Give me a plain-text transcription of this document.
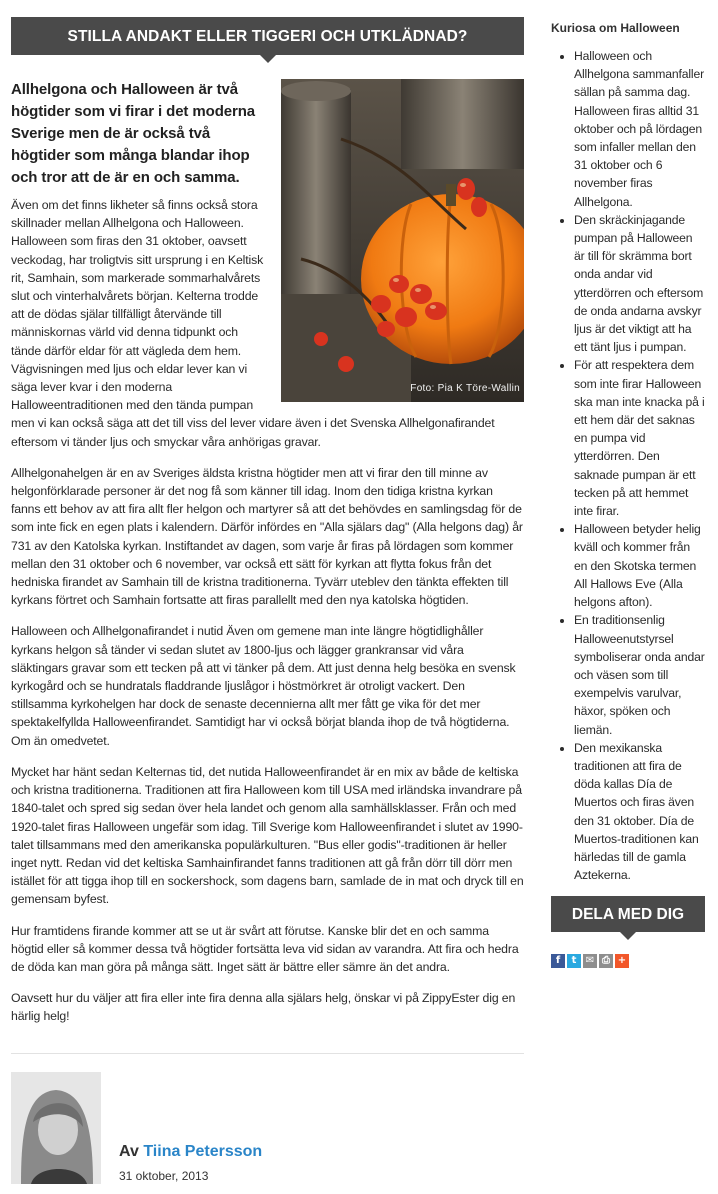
STILLA ANDAKT ELLER TIGGERI OCH UTKLÄDNAD?
Foto: Pia K Töre-Wallin
Allhelgona och Halloween är två högtider som vi firar i det moderna Sverige men de är också två högtider som många blandar ihop och tror att de är en och samma.

Även om det finns likheter så finns också stora skillnader mellan Allhelgona och Halloween. Halloween som firas den 31 oktober, oavsett veckodag, har troligtvis sitt ursprung i en Keltisk rit, Samhain, som markerade sommarhalvårets slut och vinterhalvårets början. Kelterna trodde att de dödas själar tillfälligt återvände till människornas värld vid denna tidpunkt och tände därför eldar för att vägleda dem hem. Vägvisningen med ljus och eldar lever kan vi säga lever kvar i den moderna Halloweentraditionen med den tända pumpan men vi kan också säga att det till viss del lever vidare även i det Svenska Allhelgonafirandet eftersom vi tänder ljus och smyckar våra anhörigas gravar.

Allhelgonahelgen är en av Sveriges äldsta kristna högtider men att vi firar den till minne av helgonförklarade personer är det nog få som känner till idag. Inom den tidiga kristna kyrkan fanns ett behov av att fira allt fler helgon och martyrer så att det behövdes en samlingsdag för de som inte fick en egen plats i kalendern. Därför infördes en "Alla själars dag" (Alla helgons dag) år 731 av den Katolska kyrkan. Instiftandet av dagen, som varje år firas på lördagen som kommer mellan den 31 oktober och 6 november, var också ett sätt för kyrkan att flytta fokus från det hedniska firandet av Samhain till de kristna traditionerna. Tyvärr uteblev den tänkta effekten till kyrkans förtret och Samhain fortsatte att firas parallellt med den nya katolska högtiden.

Halloween och Allhelgonafirandet i nutid Även om gemene man inte längre högtidlighåller kyrkans helgon så tänder vi sedan slutet av 1800-ljus och lägger grankransar vid våra släktingars gravar som ett tecken på att vi tänker på dem. Att just denna helg besöka en svensk kyrkogård och se hundratals fladdrande ljuslågor i höstmörkret är otroligt vackert. Den stillsamma kyrkohelgen har dock de senaste decennierna allt mer fått ge vika för det mer spektakelfyllda Halloweenfirandet. Samtidigt har vi också börjat blanda ihop de två högtiderna. Om än omedvetet.

Mycket har hänt sedan Kelternas tid, det nutida Halloweenfirandet är en mix av både de keltiska och kristna traditionerna. Traditionen att fira Halloween kom till USA med irländska invandrare på 1840-talet och spred sig sedan över hela landet och genom alla samhällsklasser. Från och med 1920-talet firas Halloween ungefär som idag. Till Sverige kom Halloweenfirandet i slutet av 1990-talet tillsammans med den amerikanska populärkulturen. "Bus eller godis"-traditionen är heller inget nytt. Redan vid det keltiska Samhainfirandet fanns traditionen att gå från dörr till dörr men istället för att tigga ihop till en sockershock, som dagens barn, samlade de in mat och dryck till en gemensam byfest.

Hur framtidens firande kommer att se ut är svårt att förutse. Kanske blir det en och samma högtid eller så kommer dessa två högtider fortsätta leva vid sidan av varandra. Att fira och hedra de döda kan man göra på många sätt. Inget sätt är bättre eller sämre än det andra.

Oavsett hur du väljer att fira eller inte fira denna alla själars helg, önskar vi på ZippyEster dig en härlig helg!

Av Tiina Petersson
31 oktober, 2013
Kuriosa om Halloween
• Halloween och Allhelgona sammanfaller sällan på samma dag. Halloween firas alltid 31 oktober och på lördagen som infaller mellan den 31 oktober och 6 november firas Allhelgona.
• Den skräckinjagande pumpan på Halloween är till för skrämma bort onda andar vid ytterdörren och eftersom de onda andarna avskyr ljus är det viktigt att ha ett tänt ljus i pumpan.
• För att respektera dem som inte firar Halloween ska man inte knacka på i ett hem där det saknas en pumpa vid ytterdörren. Den saknade pumpan är ett tecken på att hemmet inte firar.
• Halloween betyder helig kväll och kommer från en den Skotska termen All Hallows Eve (Alla helgons afton).
• En traditionsenlig Halloweenutstyrsel symboliserar onda andar och väsen som till exempelvis varulvar, häxor, spöken och liemän.
• Den mexikanska traditionen att fira de döda kallas Día de Muertos och firas även den 31 oktober. Día de Muertos-traditionen kan härledas till de gamla Aztekerna.
DELA MED DIG
f	t ✉ ⎙ +
